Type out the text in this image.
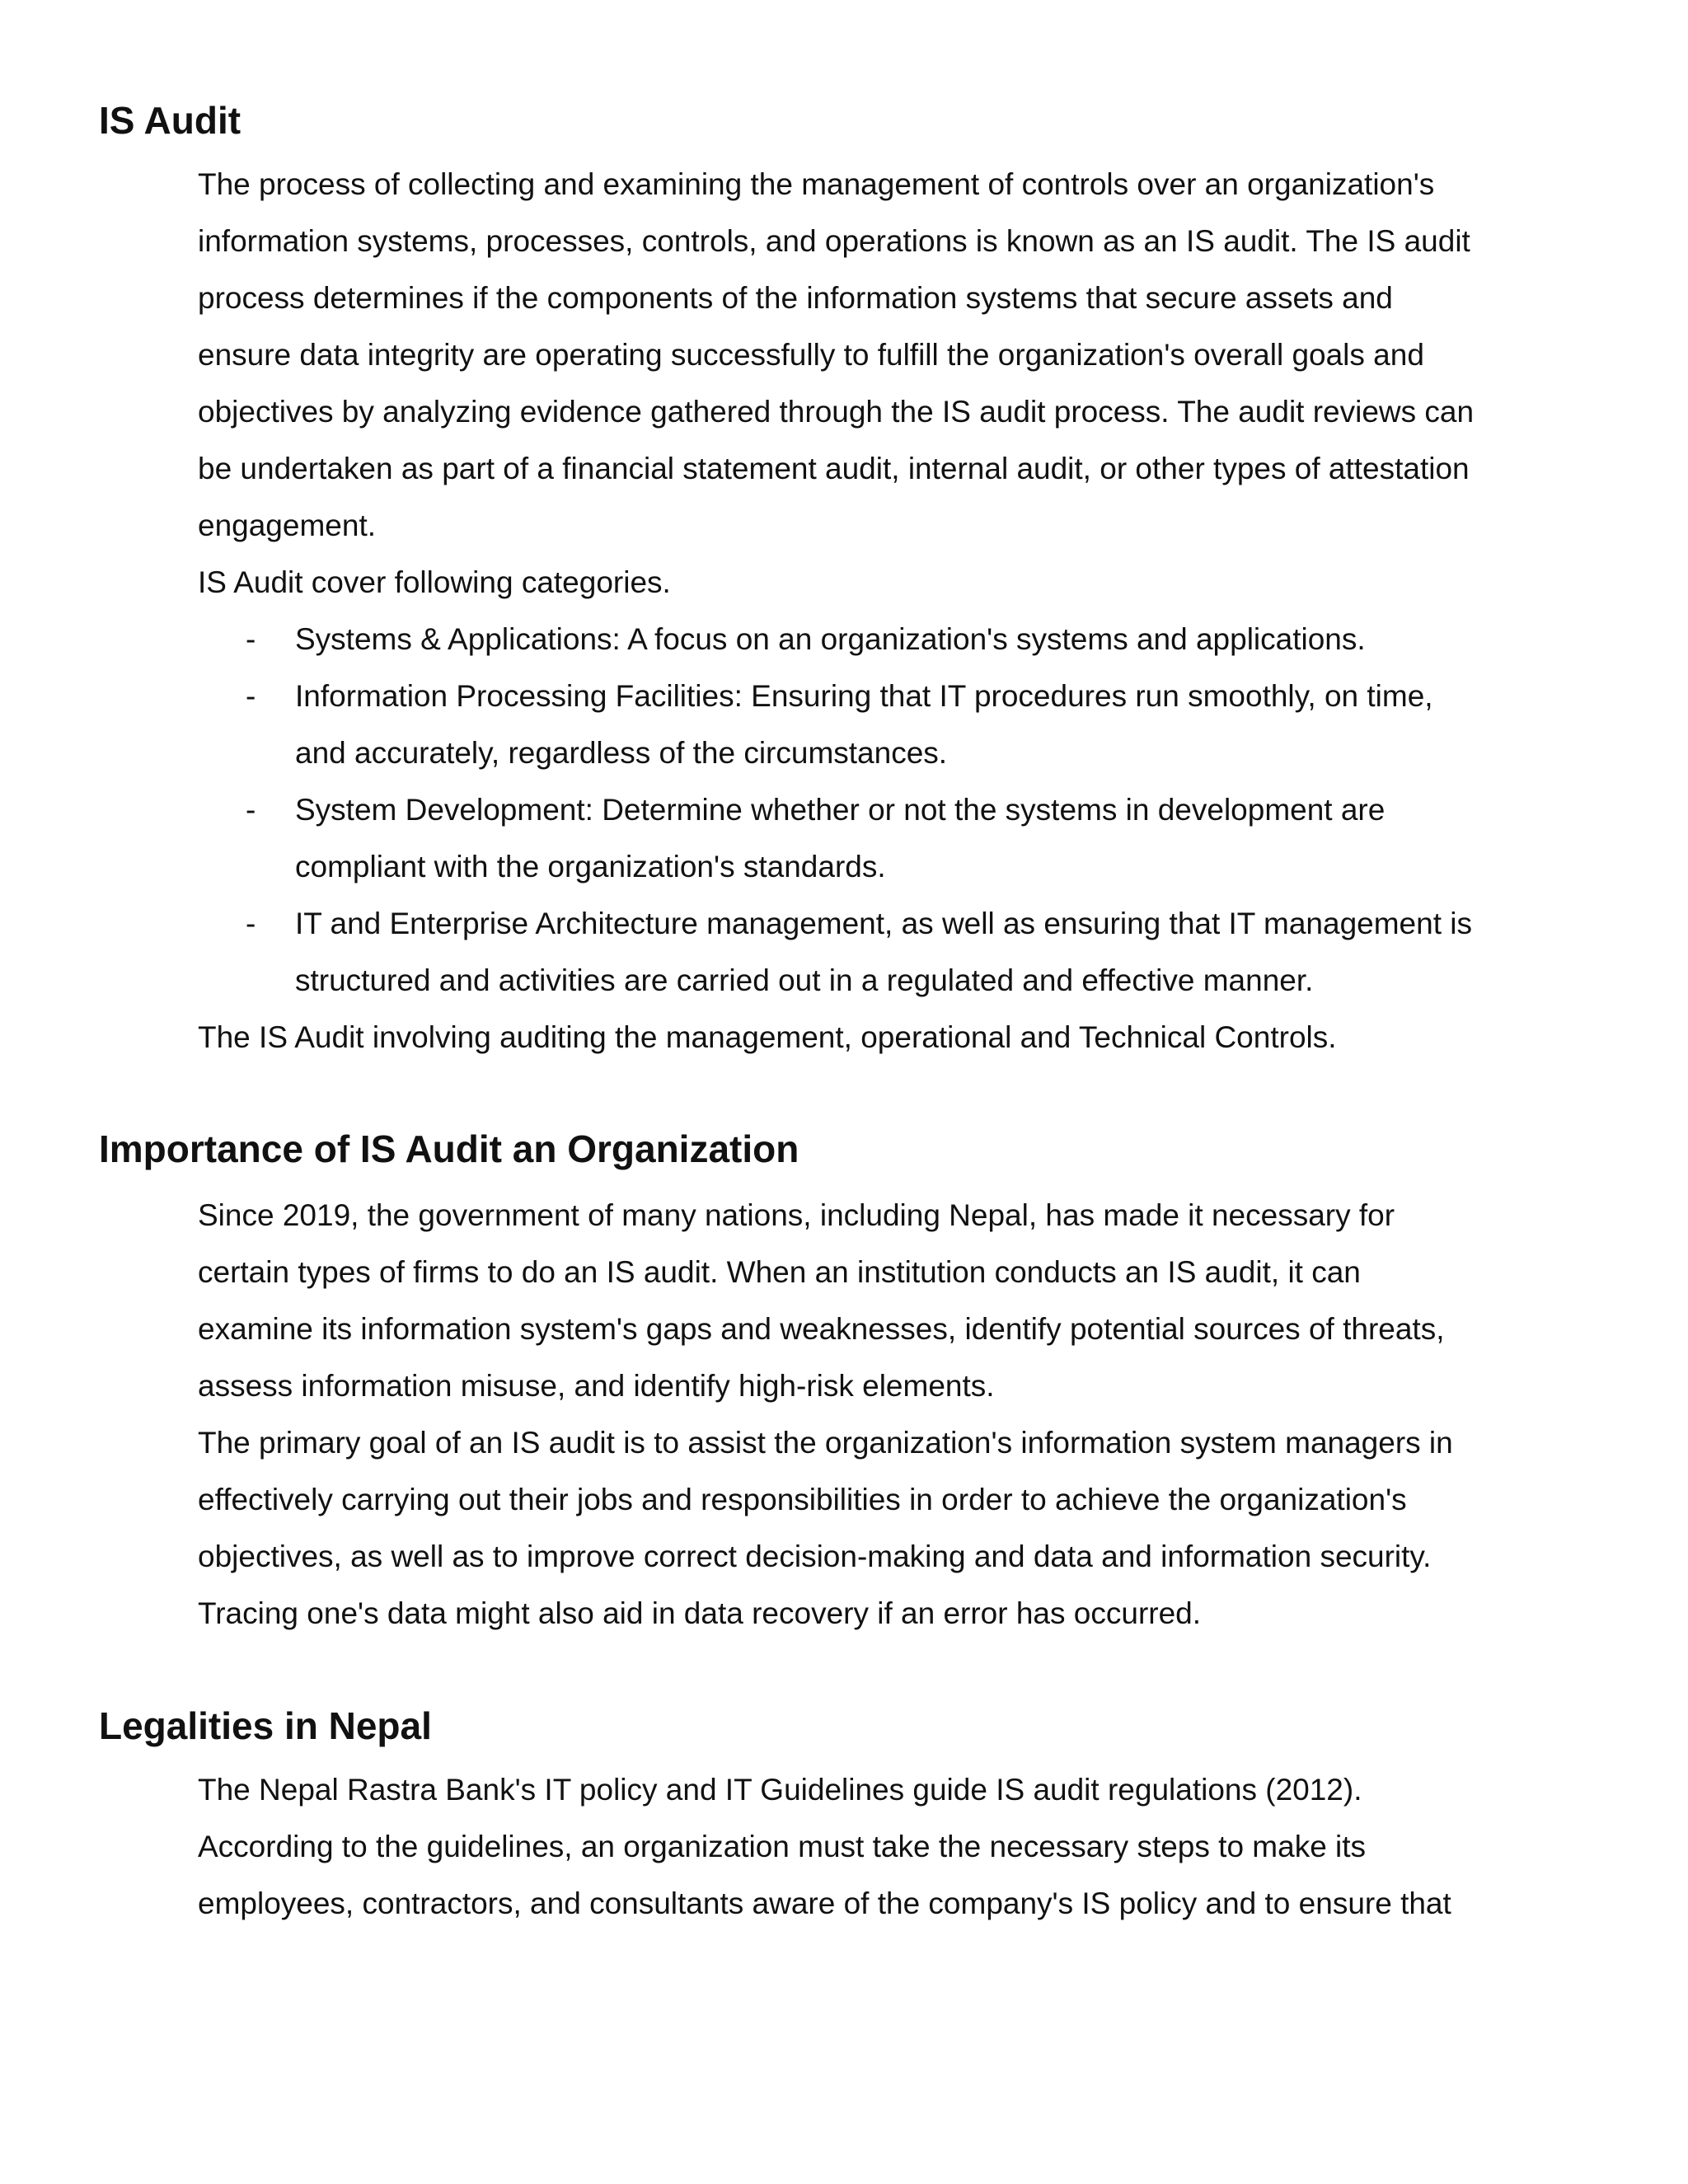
IS Audit
The process of collecting and examining the management of controls over an organization's
information systems, processes, controls, and operations is known as an IS audit. The IS audit
process determines if the components of the information systems that secure assets and
ensure data integrity are operating successfully to fulfill the organization's overall goals and
objectives by analyzing evidence gathered through the IS audit process. The audit reviews can
be undertaken as part of a financial statement audit, internal audit, or other types of attestation
engagement.
IS Audit cover following categories.
-	Systems & Applications: A focus on an organization's systems and applications.
-	Information Processing Facilities: Ensuring that IT procedures run smoothly, on time,
and accurately, regardless of the circumstances.
-	System Development: Determine whether or not the systems in development are
compliant with the organization's standards.
-	IT and Enterprise Architecture management, as well as ensuring that IT management is
structured and activities are carried out in a regulated and effective manner.
The IS Audit involving auditing the management, operational and Technical Controls.
Importance of IS Audit an Organization
Since 2019, the government of many nations, including Nepal, has made it necessary for
certain types of firms to do an IS audit. When an institution conducts an IS audit, it can
examine its information system's gaps and weaknesses, identify potential sources of threats,
assess information misuse, and identify high-risk elements.
The primary goal of an IS audit is to assist the organization's information system managers in
effectively carrying out their jobs and responsibilities in order to achieve the organization's
objectives, as well as to improve correct decision-making and data and information security.
Tracing one's data might also aid in data recovery if an error has occurred.
Legalities in Nepal
The Nepal Rastra Bank's IT policy and IT Guidelines guide IS audit regulations (2012).
According to the guidelines, an organization must take the necessary steps to make its
employees, contractors, and consultants aware of the company's IS policy and to ensure that
